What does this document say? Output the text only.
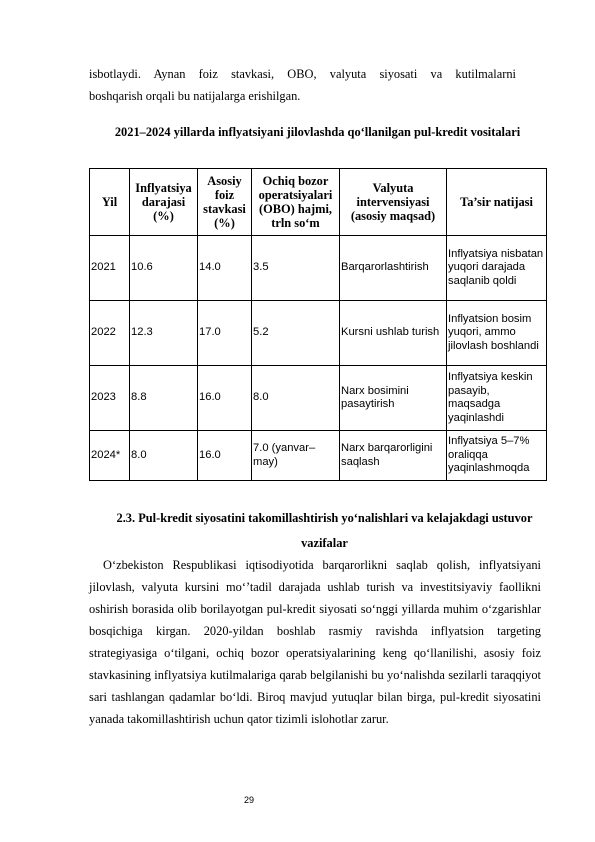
isbotlaydi. Aynan foiz stavkasi, OBO, valyuta siyosati va kutilmalarni
boshqarish orqali bu natijalarga erishilgan.
2021–2024 yillarda inflyatsiyani jilovlashda qo‘llanilgan pul-kredit vositalari
Yil	Inflyatsiya darajasi (%)	Asosiy foiz stavkasi (%)	Ochiq bozor operatsiyalari (OBO) hajmi, trln so‘m	Valyuta intervensiyasi (asosiy maqsad)	Ta’sir natijasi
2021	10.6	14.0	3.5	Barqarorlashtirish	Inflyatsiya nisbatan yuqori darajada saqlanib qoldi
2022	12.3	17.0	5.2	Kursni ushlab turish	Inflyatsion bosim yuqori, ammo jilovlash boshlandi
2023	8.8	16.0	8.0	Narx bosimini pasaytirish	Inflyatsiya keskin pasayib, maqsadga yaqinlashdi
2024*	8.0	16.0	7.0 (yanvar–may)	Narx barqarorligini saqlash	Inflyatsiya 5–7% oraliqqa yaqinlashmoqda
2.3. Pul-kredit siyosatini takomillashtirish yo‘nalishlari va kelajakdagi ustuvor vazifalar
O‘zbekiston Respublikasi iqtisodiyotida barqarorlikni saqlab qolish, inflyatsiyani jilovlash, valyuta kursini mo‘’tadil darajada ushlab turish va investitsiyaviy faollikni oshirish borasida olib borilayotgan pul-kredit siyosati so‘nggi yillarda muhim o‘zgarishlar bosqichiga kirgan. 2020-yildan boshlab rasmiy ravishda inflyatsion targeting strategiyasiga o‘tilgani, ochiq bozor operatsiyalarining keng qo‘llanilishi, asosiy foiz stavkasining inflyatsiya kutilmalariga qarab belgilanishi bu yo‘nalishda sezilarli taraqqiyot sari tashlangan qadamlar bo‘ldi. Biroq mavjud yutuqlar bilan birga, pul-kredit siyosatini yanada takomillashtirish uchun qator tizimli islohotlar zarur.
29
